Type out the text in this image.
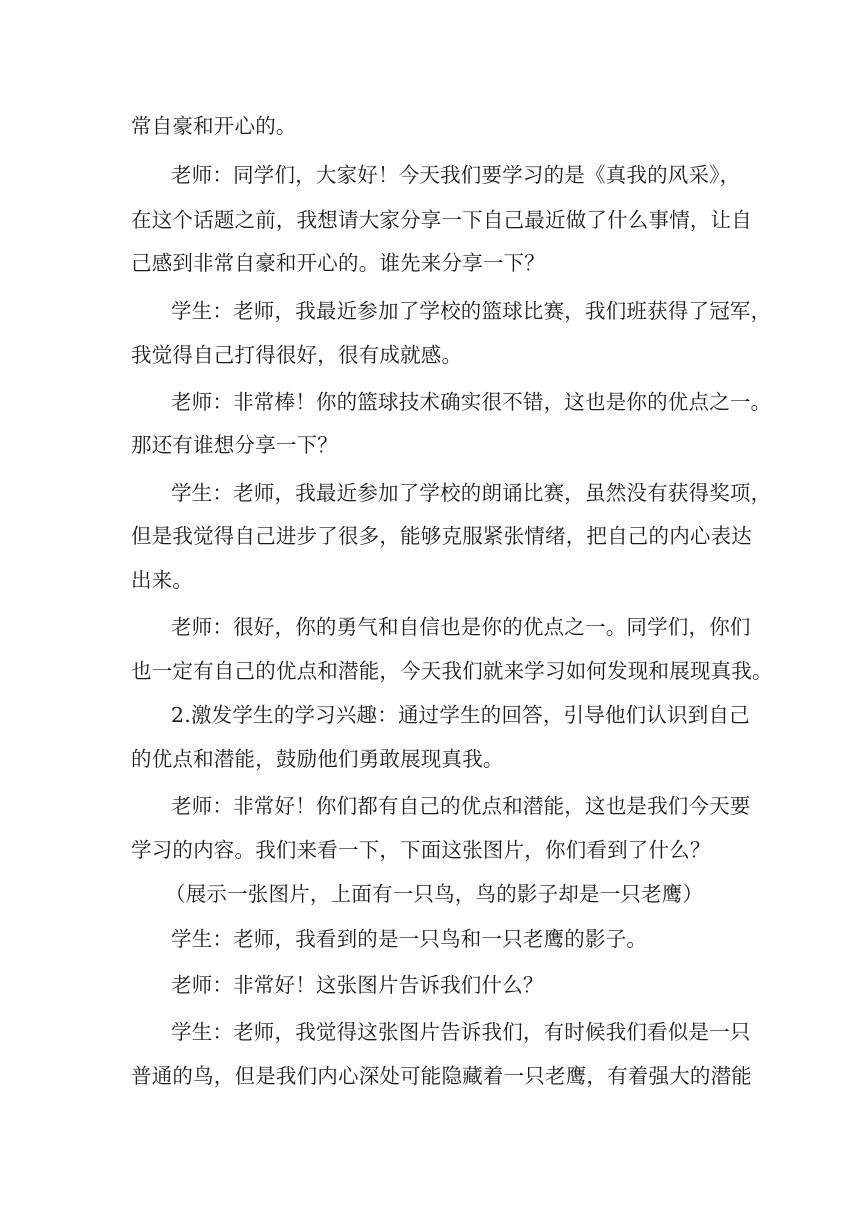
常自豪和开心的。
老师：同学们，大家好！今天我们要学习的是《真我的风采》，
在这个话题之前，我想请大家分享一下自己最近做了什么事情，让自
己感到非常自豪和开心的。谁先来分享一下？
学生：老师，我最近参加了学校的篮球比赛，我们班获得了冠军，
我觉得自己打得很好，很有成就感。
老师：非常棒！你的篮球技术确实很不错，这也是你的优点之一。
那还有谁想分享一下？
学生：老师，我最近参加了学校的朗诵比赛，虽然没有获得奖项，
但是我觉得自己进步了很多，能够克服紧张情绪，把自己的内心表达
出来。
老师：很好，你的勇气和自信也是你的优点之一。同学们，你们
也一定有自己的优点和潜能，今天我们就来学习如何发现和展现真我。
2.激发学生的学习兴趣：通过学生的回答，引导他们认识到自己
的优点和潜能，鼓励他们勇敢展现真我。
老师：非常好！你们都有自己的优点和潜能，这也是我们今天要
学习的内容。我们来看一下，下面这张图片，你们看到了什么？
（展示一张图片，上面有一只鸟，鸟的影子却是一只老鹰）
学生：老师，我看到的是一只鸟和一只老鹰的影子。
老师：非常好！这张图片告诉我们什么？
学生：老师，我觉得这张图片告诉我们，有时候我们看似是一只
普通的鸟，但是我们内心深处可能隐藏着一只老鹰，有着强大的潜能
